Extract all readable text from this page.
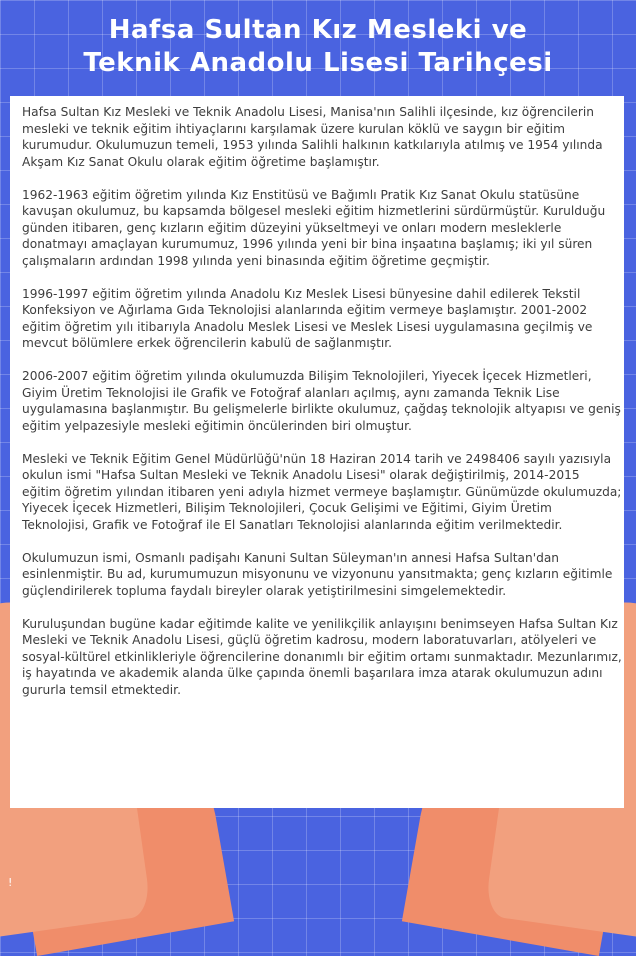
Hafsa Sultan Kız Mesleki ve
Teknik Anadolu Lisesi Tarihçesi

Hafsa Sultan Kız Mesleki ve Teknik Anadolu Lisesi, Manisa'nın Salihli ilçesinde, kız öğrencilerin mesleki ve teknik eğitim ihtiyaçlarını karşılamak üzere kurulan köklü ve saygın bir eğitim kurumudur. Okulumuzun temeli, 1953 yılında Salihli halkının katkılarıyla atılmış ve 1954 yılında Akşam Kız Sanat Okulu olarak eğitim öğretime başlamıştır.

1962-1963 eğitim öğretim yılında Kız Enstitüsü ve Bağımlı Pratik Kız Sanat Okulu statüsüne kavuşan okulumuz, bu kapsamda bölgesel mesleki eğitim hizmetlerini sürdürmüştür. Kurulduğu günden itibaren, genç kızların eğitim düzeyini yükseltmeyi ve onları modern mesleklerle donatmayı amaçlayan kurumumuz, 1996 yılında yeni bir bina inşaatına başlamış; iki yıl süren çalışmaların ardından 1998 yılında yeni binasında eğitim öğretime geçmiştir.

1996-1997 eğitim öğretim yılında Anadolu Kız Meslek Lisesi bünyesine dahil edilerek Tekstil Konfeksiyon ve Ağırlama Gıda Teknolojisi alanlarında eğitim vermeye başlamıştır. 2001-2002 eğitim öğretim yılı itibarıyla Anadolu Meslek Lisesi ve Meslek Lisesi uygulamasına geçilmiş ve mevcut bölümlere erkek öğrencilerin kabulü de sağlanmıştır.

2006-2007 eğitim öğretim yılında okulumuzda Bilişim Teknolojileri, Yiyecek İçecek Hizmetleri, Giyim Üretim Teknolojisi ile Grafik ve Fotoğraf alanları açılmış, aynı zamanda Teknik Lise uygulamasına başlanmıştır. Bu gelişmelerle birlikte okulumuz, çağdaş teknolojik altyapısı ve geniş eğitim yelpazesiyle mesleki eğitimin öncülerinden biri olmuştur.

Mesleki ve Teknik Eğitim Genel Müdürlüğü'nün 18 Haziran 2014 tarih ve 2498406 sayılı yazısıyla okulun ismi "Hafsa Sultan Mesleki ve Teknik Anadolu Lisesi" olarak değiştirilmiş, 2014-2015 eğitim öğretim yılından itibaren yeni adıyla hizmet vermeye başlamıştır. Günümüzde okulumuzda; Yiyecek İçecek Hizmetleri, Bilişim Teknolojileri, Çocuk Gelişimi ve Eğitimi, Giyim Üretim Teknolojisi, Grafik ve Fotoğraf ile El Sanatları Teknolojisi alanlarında eğitim verilmektedir.

Okulumuzun ismi, Osmanlı padişahı Kanuni Sultan Süleyman'ın annesi Hafsa Sultan'dan esinlenmiştir. Bu ad, kurumumuzun misyonunu ve vizyonunu yansıtmakta; genç kızların eğitimle güçlendirilerek topluma faydalı bireyler olarak yetiştirilmesini simgelemektedir.

Kuruluşundan bugüne kadar eğitimde kalite ve yenilikçilik anlayışını benimseyen Hafsa Sultan Kız Mesleki ve Teknik Anadolu Lisesi, güçlü öğretim kadrosu, modern laboratuvarları, atölyeleri ve sosyal-kültürel etkinlikleriyle öğrencilerine donanımlı bir eğitim ortamı sunmaktadır. Mezunlarımız, iş hayatında ve akademik alanda ülke çapında önemli başarılara imza atarak okulumuzun adını gururla temsil etmektedir.

!
